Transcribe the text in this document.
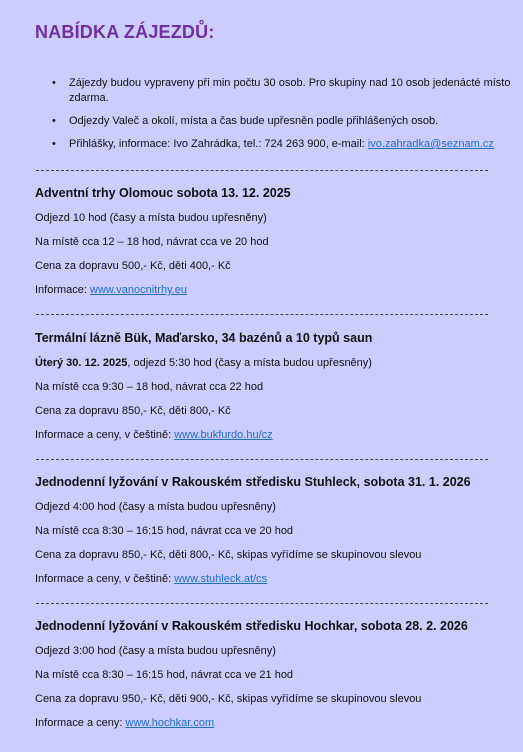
NABÍDKA ZÁJEZDŮ:
• Zájezdy budou vypraveny při min počtu 30 osob. Pro skupiny nad 10 osob jedenácté místo zdarma.
• Odjezdy Valeč a okolí, místa a čas bude upřesněn podle přihlášených osob.
• Přihlášky, informace: Ivo Zahrádka, tel.: 724 263 900, e-mail: ivo.zahradka@seznam.cz
Adventní trhy Olomouc sobota 13. 12. 2025
Odjezd 10 hod (časy a místa budou upřesněny)
Na místě cca 12 – 18 hod, návrat cca ve 20 hod
Cena za dopravu 500,- Kč, děti 400,- Kč
Informace: www.vanocnitrhy.eu
Termální lázně Bük, Maďarsko, 34 bazénů a 10 typů saun
Úterý 30. 12. 2025, odjezd 5:30 hod (časy a místa budou upřesněny)
Na místě cca 9:30 – 18 hod, návrat cca 22 hod
Cena za dopravu 850,- Kč, děti 800,- Kč
Informace a ceny, v češtině: www.bukfurdo.hu/cz
Jednodenní lyžování v Rakouském středisku Stuhleck, sobota 31. 1. 2026
Odjezd 4:00 hod (časy a místa budou upřesněny)
Na místě cca 8:30 – 16:15 hod, návrat cca ve 20 hod
Cena za dopravu 850,- Kč, děti 800,- Kč, skipas vyřídíme se skupinovou slevou
Informace a ceny, v češtině: www.stuhleck.at/cs
Jednodenní lyžování v Rakouském středisku Hochkar, sobota 28. 2. 2026
Odjezd 3:00 hod (časy a místa budou upřesněny)
Na místě cca 8:30 – 16:15 hod, návrat cca ve 21 hod
Cena za dopravu 950,- Kč, děti 900,- Kč, skipas vyřídíme se skupinovou slevou
Informace a ceny: www.hochkar.com
